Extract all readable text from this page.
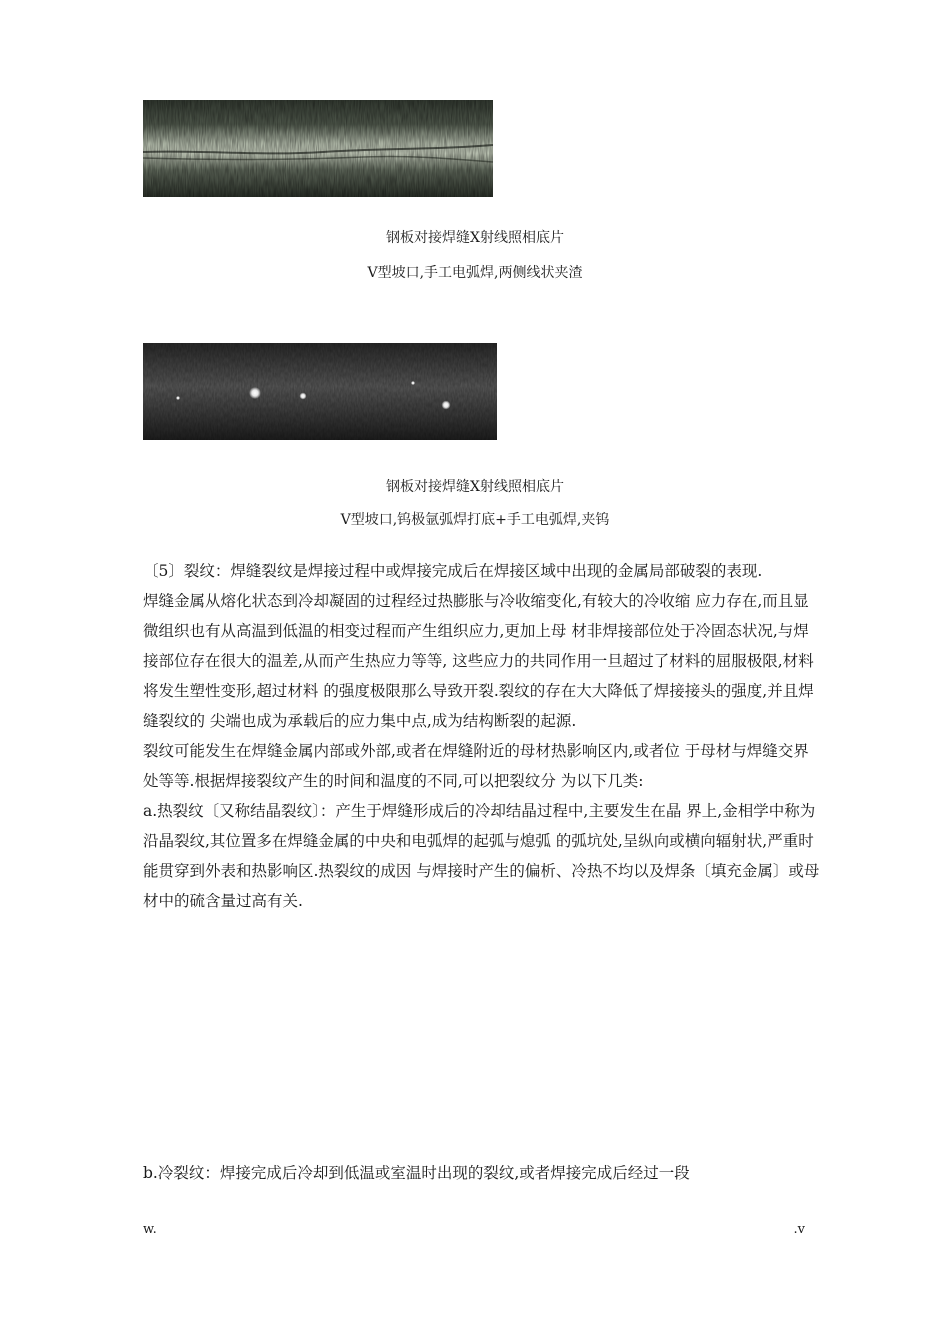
钢板对接焊缝X射线照相底片
V型坡口,手工电弧焊,两侧线状夹渣
钢板对接焊缝X射线照相底片
V型坡口,钨极氩弧焊打底+手工电弧焊,夹钨

〔5〕裂纹：焊缝裂纹是焊接过程中或焊接完成后在焊接区域中出现的金属局部破裂的表现.

焊缝金属从熔化状态到冷却凝固的过程经过热膨胀与冷收缩变化,有较大的冷收缩 应力存在,而且显微组织也有从高温到低温的相变过程而产生组织应力,更加上母 材非焊接部位处于冷固态状况,与焊接部位存在很大的温差,从而产生热应力等等, 这些应力的共同作用一旦超过了材料的屈服极限,材料将发生塑性变形,超过材料 的强度极限那么导致开裂.裂纹的存在大大降低了焊接接头的强度,并且焊缝裂纹的 尖端也成为承载后的应力集中点,成为结构断裂的起源.

裂纹可能发生在焊缝金属内部或外部,或者在焊缝附近的母材热影响区内,或者位 于母材与焊缝交界处等等.根据焊接裂纹产生的时间和温度的不同,可以把裂纹分 为以下几类:

a.热裂纹〔又称结晶裂纹〕：产生于焊缝形成后的冷却结晶过程中,主要发生在晶 界上,金相学中称为沿晶裂纹,其位置多在焊缝金属的中央和电弧焊的起弧与熄弧 的弧坑处,呈纵向或横向辐射状,严重时能贯穿到外表和热影响区.热裂纹的成因 与焊接时产生的偏析、冷热不均以及焊条〔填充金属〕或母材中的硫含量过高有关.

b.冷裂纹：焊接完成后冷却到低温或室温时出现的裂纹,或者焊接完成后经过一段

w.	.v
